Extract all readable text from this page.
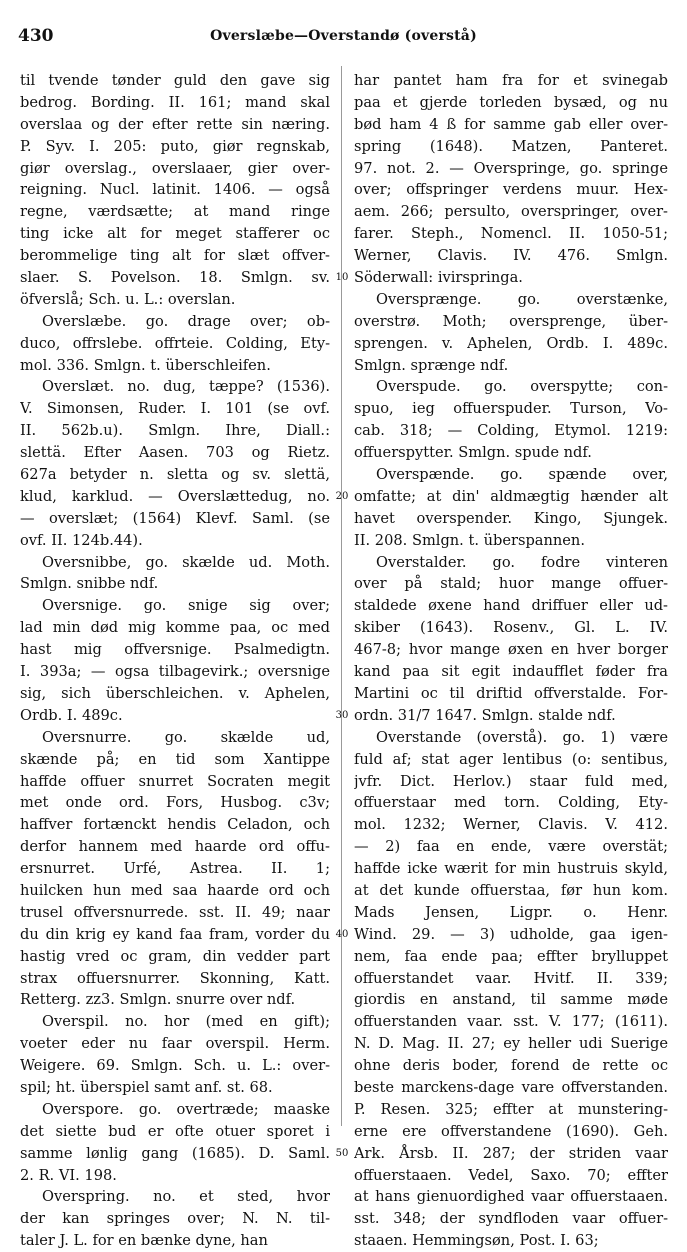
430	Overslæbe—Overstandø (overstå)
10
20
30
40
50
til tvende tønder guld den gave sig
bedrog. Bording. II. 161; mand skal
overslaa og der efter rette sin næring.
P. Syv. I. 205: puto, giør regnskab,
giør overslag., overslaaer, gier over-
reigning. Nucl. latinit. 1406. — også
regne, værdsætte; at mand ringe
ting icke alt for meget stafferer oc
berommelige ting alt for slæt offver-
slaer. S. Povelson. 18. Smlgn. sv.
öfverslå; Sch. u. L.: overslan.
Overslæbe. go. drage over; ob-
duco, offrslebe. offrteie. Colding, Ety-
mol. 336. Smlgn. t. überschleifen.
Overslæt. no. dug, tæppe? (1536).
V. Simonsen, Ruder. I. 101 (se ovf.
II. 562b.u). Smlgn. Ihre, Diall.:
slettä. Efter Aasen. 703 og Rietz.
627a betyder n. sletta og sv. slettä,
klud, karklud. — Overslættedug, no.
— overslæt; (1564) Klevf. Saml. (se
ovf. II. 124b.44).
Oversnibbe, go. skælde ud. Moth.
Smlgn. snibbe ndf.
Oversnige. go. snige sig over;
lad min død mig komme paa, oc med
hast mig offversnige. Psalmedigtn.
I. 393a; — ogsa tilbagevirk.; oversnige
sig, sich überschleichen. v. Aphelen,
Ordb. I. 489c.
Oversnurre. go. skælde ud,
skænde på; en tid som Xantippe
haffde offuer snurret Socraten megit
met onde ord. Fors, Husbog. c3v;
haffver fortænckt hendis Celadon, och
derfor hannem med haarde ord offu-
ersnurret. Urfé, Astrea. II. 1;
huilcken hun med saa haarde ord och
trusel offversnurrede. sst. II. 49; naar
du din krig ey kand faa fram, vorder du
hastig vred oc gram, din vedder part
strax offuersnurrer. Skonning, Katt.
Retterg. zz3. Smlgn. snurre over ndf.
Overspil. no. hor (med en gift);
voeter eder nu faar overspil. Herm.
Weigere. 69. Smlgn. Sch. u. L.: over-
spil; ht. überspiel samt anf. st. 68.
Overspore. go. overtræde; maaske
det siette bud er ofte otuer sporet i
samme lønlig gang (1685). D. Saml.
2. R. VI. 198.
Overspring. no. et sted, hvor
der kan springes over; N. N. til-
taler J. L. for en bænke dyne, han
har pantet ham fra for et svinegab
paa et gjerde torleden bysæd, og nu
bød ham 4 ß for samme gab eller over-
spring (1648). Matzen, Panteret.
97. not. 2. — Overspringe, go. springe
over; offspringer verdens muur. Hex-
aem. 266; persulto, overspringer, over-
farer. Steph., Nomencl. II. 1050-51;
Werner, Clavis. IV. 476. Smlgn.
Söderwall: ivirspringa.
Oversprænge. go. overstænke,
overstrø. Moth; oversprenge, über-
sprengen. v. Aphelen, Ordb. I. 489c.
Smlgn. sprænge ndf.
Overspude. go. overspytte; con-
spuo, ieg offuerspuder. Turson, Vo-
cab. 318; — Colding, Etymol. 1219:
offuerspytter. Smlgn. spude ndf.
Overspænde. go. spænde over,
omfatte; at din' aldmægtig hænder alt
havet overspender. Kingo, Sjungek.
II. 208. Smlgn. t. überspannen.
Overstalder. go. fodre vinteren
over på stald; huor mange offuer-
staldede øxene hand driffuer eller ud-
skiber (1643). Rosenv., Gl. L. IV.
467-8; hvor mange øxen en hver borger
kand paa sit egit indaufflet føder fra
Martini oc til driftid offverstalde. For-
ordn. 31/7 1647. Smlgn. stalde ndf.
Overstande (overstå). go. 1) være
fuld af; stat ager lentibus (o: sentibus,
jvfr. Dict. Herlov.) staar fuld med,
offuerstaar med torn. Colding, Ety-
mol. 1232; Werner, Clavis. V. 412.
— 2) faa en ende, være overstät;
haffde icke wærit for min hustruis skyld,
at det kunde offuerstaa, før hun kom.
Mads Jensen, Ligpr. o. Henr.
Wind. 29. — 3) udholde, gaa igen-
nem, faa ende paa; effter brylluppet
offuerstandet vaar. Hvitf. II. 339;
giordis en anstand, til samme møde
offuerstanden vaar. sst. V. 177; (1611).
N. D. Mag. II. 27; ey heller udi Suerige
ohne deris boder, forend de rette oc
beste marckens-dage vare offverstanden.
P. Resen. 325; effter at munstering-
erne ere offverstandene (1690). Geh.
Ark. Årsb. II. 287; der striden vaar
offuerstaaen. Vedel, Saxo. 70; effter
at hans gienuordighed vaar offuerstaaen.
sst. 348; der syndfloden vaar offuer-
staaen. Hemmingsøn, Post. I. 63;
